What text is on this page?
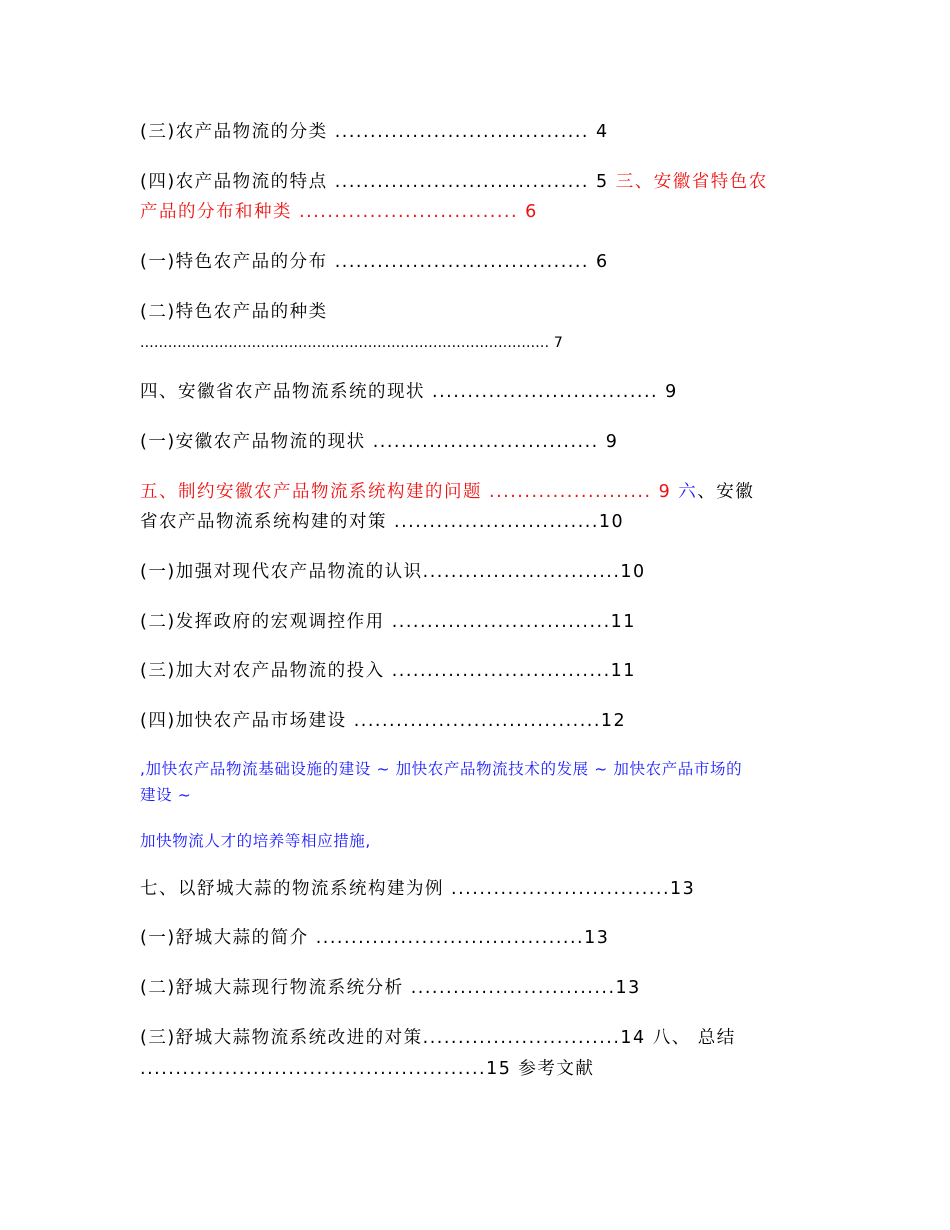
(三)农产品物流的分类 .................................... 4
(四)农产品物流的特点 .................................... 5 三、安徽省特色农
产品的分布和种类 ............................... 6
(一)特色农产品的分布 .................................... 6
(二)特色农产品的种类
........................................................................................ 7
四、安徽省农产品物流系统的现状 ................................ 9
(一)安徽农产品物流的现状 ................................ 9
五、制约安徽农产品物流系统构建的问题 ....................... 9 六、安徽
省农产品物流系统构建的对策 .............................10
(一)加强对现代农产品物流的认识............................10
(二)发挥政府的宏观调控作用 ...............................11
(三)加大对农产品物流的投入 ...............................11
(四)加快农产品市场建设 ...................................12
,加快农产品物流基础设施的建设 ~ 加快农产品物流技术的发展 ~ 加快农产品市场的
建设 ~
加快物流人才的培养等相应措施,
七、以舒城大蒜的物流系统构建为例 ...............................13
(一)舒城大蒜的简介 ......................................13
(二)舒城大蒜现行物流系统分析 .............................13
(三)舒城大蒜物流系统改进的对策............................14 八、 总结
.................................................15 参考文献
